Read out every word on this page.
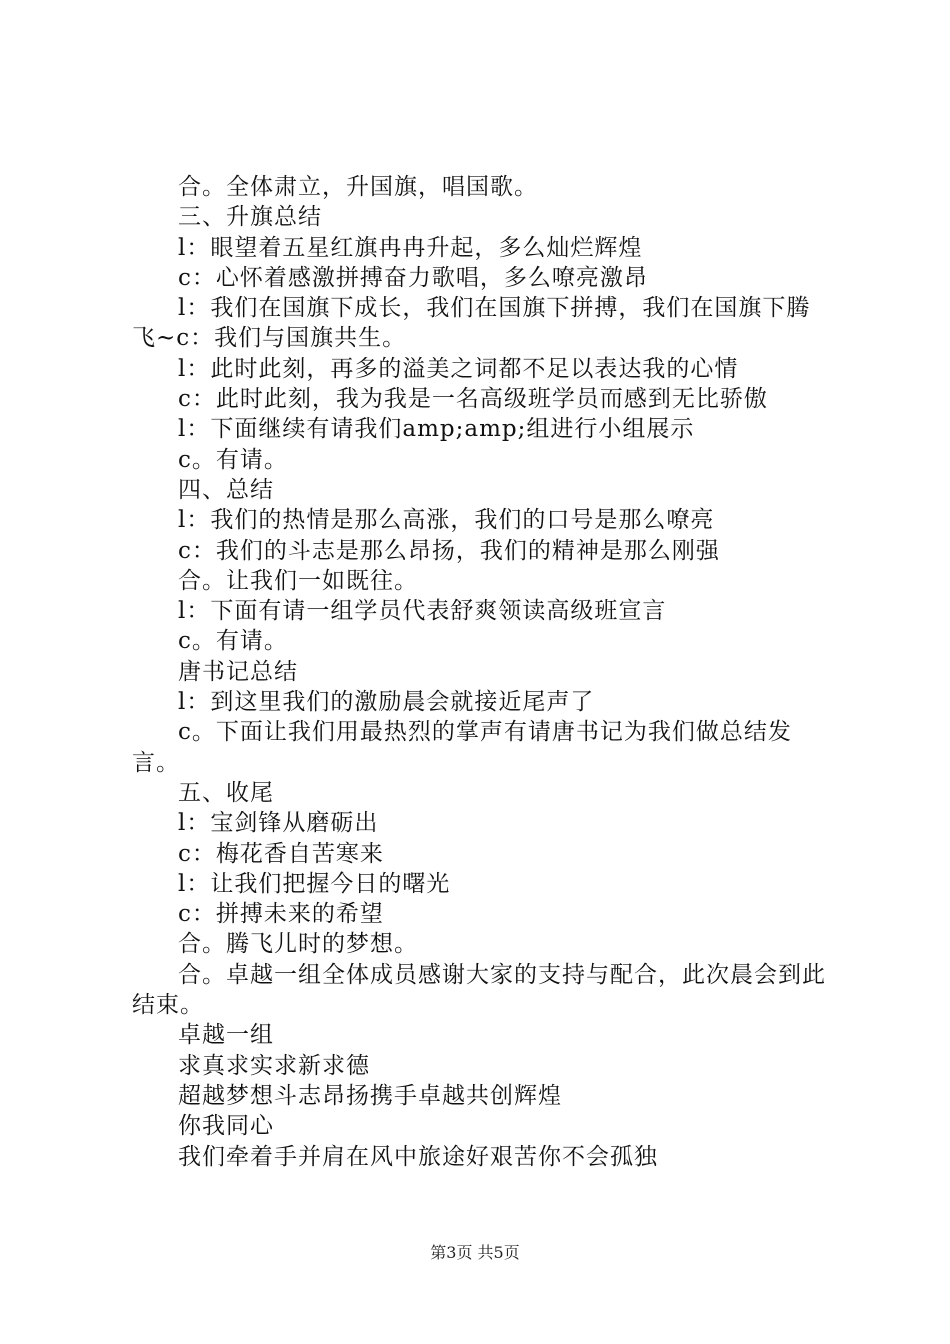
合。全体肃立，升国旗，唱国歌。

三、升旗总结

l：眼望着五星红旗冉冉升起，多么灿烂辉煌

c：心怀着感激拼搏奋力歌唱，多么嘹亮激昂

l：我们在国旗下成长，我们在国旗下拼搏，我们在国旗下腾飞~c：我们与国旗共生。

l：此时此刻，再多的溢美之词都不足以表达我的心情

c：此时此刻，我为我是一名高级班学员而感到无比骄傲

l：下面继续有请我们amp;amp;组进行小组展示

c。有请。

四、总结

l：我们的热情是那么高涨，我们的口号是那么嘹亮

c：我们的斗志是那么昂扬，我们的精神是那么刚强

合。让我们一如既往。

l：下面有请一组学员代表舒爽领读高级班宣言

c。有请。

唐书记总结

l：到这里我们的激励晨会就接近尾声了

c。下面让我们用最热烈的掌声有请唐书记为我们做总结发言。

五、收尾

l：宝剑锋从磨砺出

c：梅花香自苦寒来

l：让我们把握今日的曙光

c：拼搏未来的希望

合。腾飞儿时的梦想。

合。卓越一组全体成员感谢大家的支持与配合，此次晨会到此结束。

卓越一组

求真求实求新求德

超越梦想斗志昂扬携手卓越共创辉煌

你我同心

我们牵着手并肩在风中旅途好艰苦你不会孤独

第3页 共5页
